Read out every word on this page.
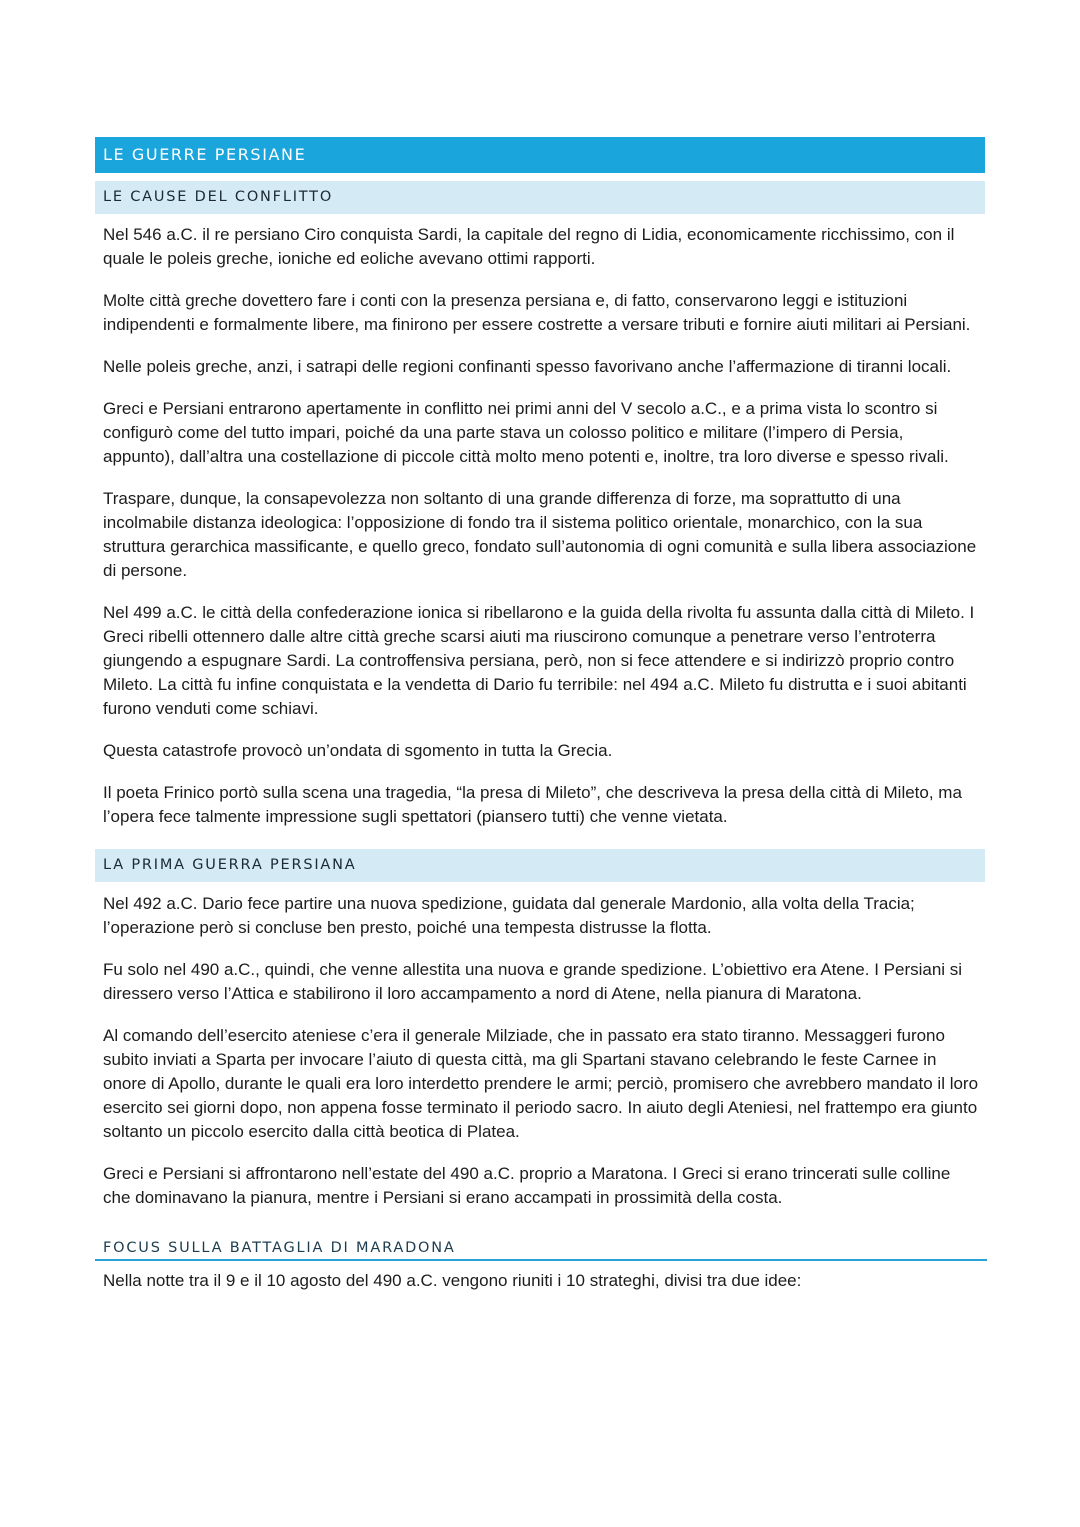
LE GUERRE PERSIANE
LE CAUSE DEL CONFLITTO

Nel 546 a.C. il re persiano Ciro conquista Sardi, la capitale del regno di Lidia, economicamente ricchissimo, con il quale le poleis greche, ioniche ed eoliche avevano ottimi rapporti.

Molte città greche dovettero fare i conti con la presenza persiana e, di fatto, conservarono leggi e istituzioni indipendenti e formalmente libere, ma finirono per essere costrette a versare tributi e fornire aiuti militari ai Persiani.

Nelle poleis greche, anzi, i satrapi delle regioni confinanti spesso favorivano anche l’affermazione di tiranni locali.

Greci e Persiani entrarono apertamente in conflitto nei primi anni del V secolo a.C., e a prima vista lo scontro si configurò come del tutto impari, poiché da una parte stava un colosso politico e militare (l’impero di Persia, appunto), dall’altra una costellazione di piccole città molto meno potenti e, inoltre, tra loro diverse e spesso rivali.

Traspare, dunque, la consapevolezza non soltanto di una grande differenza di forze, ma soprattutto di una incolmabile distanza ideologica: l’opposizione di fondo tra il sistema politico orientale, monarchico, con la sua struttura gerarchica massificante, e quello greco, fondato sull’autonomia di ogni comunità e sulla libera associazione di persone.

Nel 499 a.C. le città della confederazione ionica si ribellarono e la guida della rivolta fu assunta dalla città di Mileto. I Greci ribelli ottennero dalle altre città greche scarsi aiuti ma riuscirono comunque a penetrare verso l’entroterra giungendo a espugnare Sardi. La controffensiva persiana, però, non si fece attendere e si indirizzò proprio contro Mileto. La città fu infine conquistata e la vendetta di Dario fu terribile: nel 494 a.C. Mileto fu distrutta e i suoi abitanti furono venduti come schiavi.

Questa catastrofe provocò un’ondata di sgomento in tutta la Grecia.

Il poeta Frinico portò sulla scena una tragedia, “la presa di Mileto”, che descriveva la presa della città di Mileto, ma l’opera fece talmente impressione sugli spettatori (piansero tutti) che venne vietata.

LA PRIMA GUERRA PERSIANA

Nel 492 a.C. Dario fece partire una nuova spedizione, guidata dal generale Mardonio, alla volta della Tracia; l’operazione però si concluse ben presto, poiché una tempesta distrusse la flotta.

Fu solo nel 490 a.C., quindi, che venne allestita una nuova e grande spedizione. L’obiettivo era Atene. I Persiani si diressero verso l’Attica e stabilirono il loro accampamento a nord di Atene, nella pianura di Maratona.

Al comando dell’esercito ateniese c’era il generale Milziade, che in passato era stato tiranno. Messaggeri furono subito inviati a Sparta per invocare l’aiuto di questa città, ma gli Spartani stavano celebrando le feste Carnee in onore di Apollo, durante le quali era loro interdetto prendere le armi; perciò, promisero che avrebbero mandato il loro esercito sei giorni dopo, non appena fosse terminato il periodo sacro. In aiuto degli Ateniesi, nel frattempo era giunto soltanto un piccolo esercito dalla città beotica di Platea.

Greci e Persiani si affrontarono nell’estate del 490 a.C. proprio a Maratona. I Greci si erano trincerati sulle colline che dominavano la pianura, mentre i Persiani si erano accampati in prossimità della costa.

FOCUS SULLA BATTAGLIA DI MARADONA

Nella notte tra il 9 e il 10 agosto del 490 a.C. vengono riuniti i 10 strateghi, divisi tra due idee:
